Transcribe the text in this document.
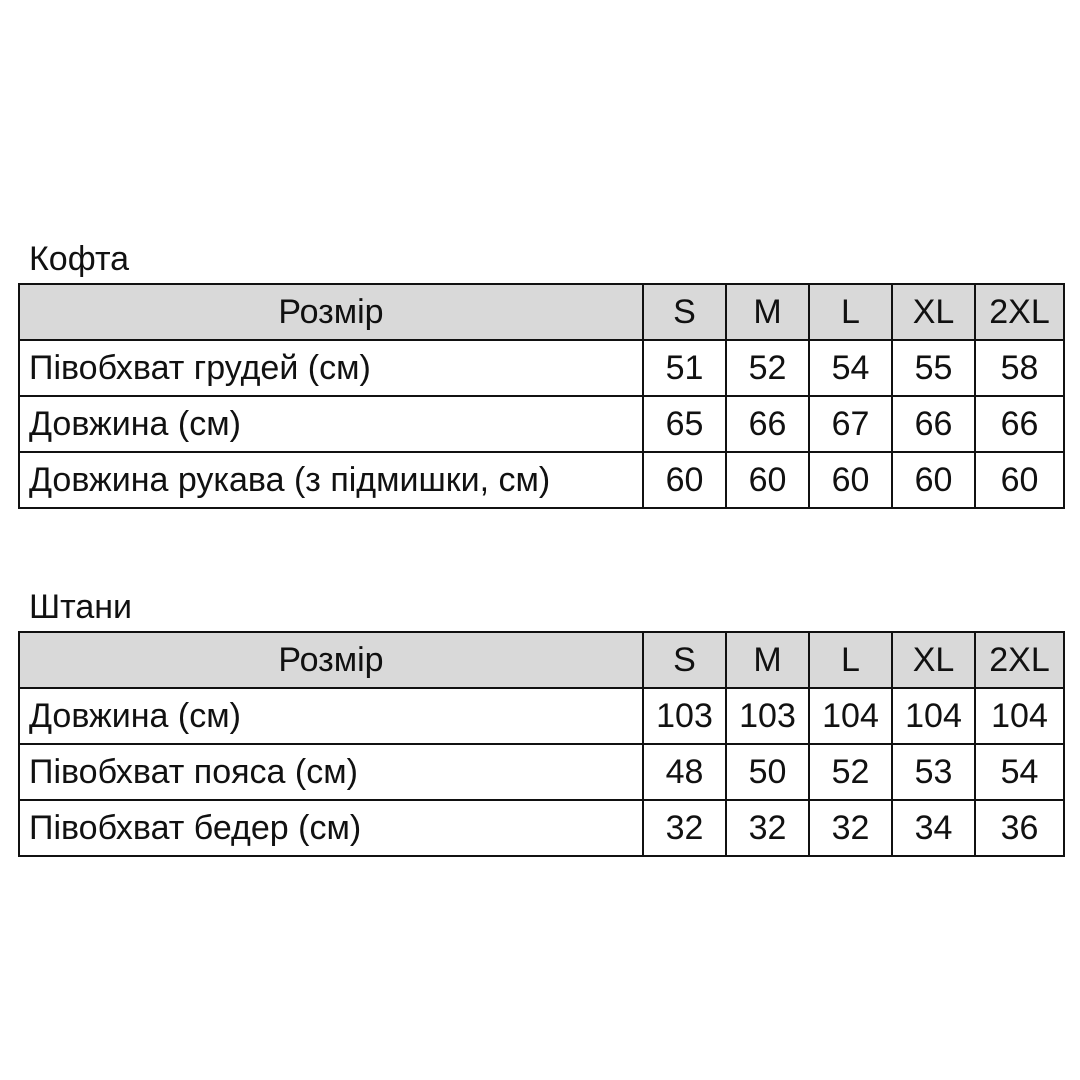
Кофта
Розмір	S	M	L	XL	2XL
Півобхват грудей (см)	51	52	54	55	58
Довжина (см)	65	66	67	66	66
Довжина рукава (з підмишки, см)	60	60	60	60	60
Штани
Розмір	S	M	L	XL	2XL
Довжина (см)	103	103	104	104	104
Півобхват пояса (см)	48	50	52	53	54
Півобхват бедер (см)	32	32	32	34	36
